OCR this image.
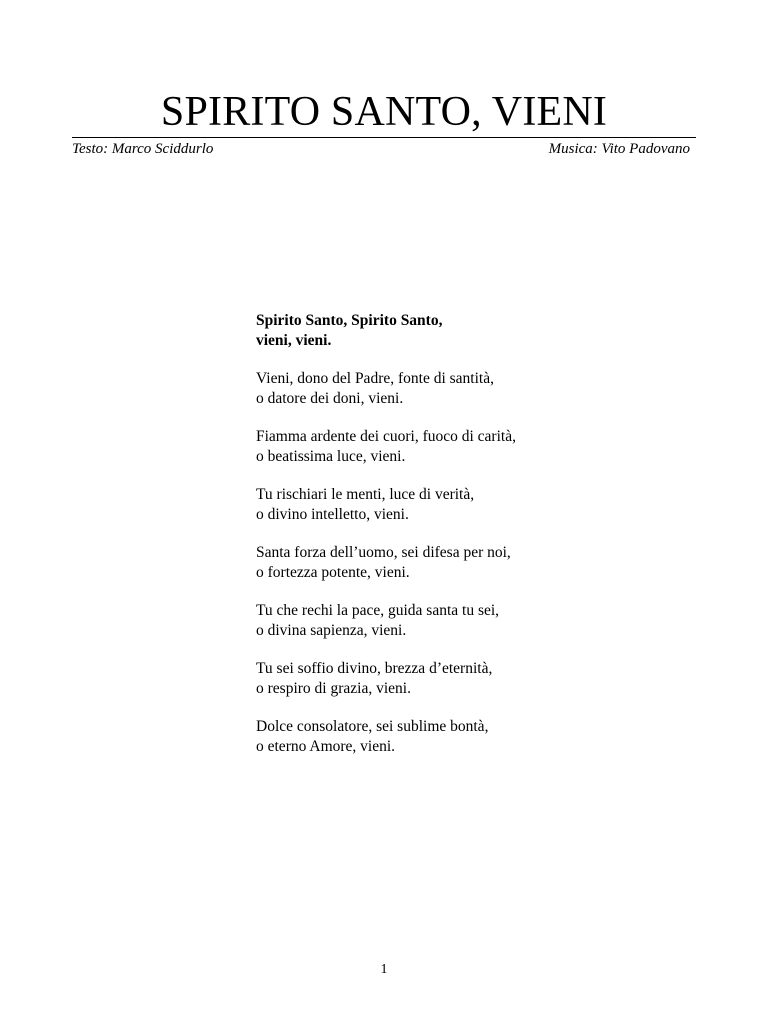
SPIRITO SANTO, VIENI
Testo: Marco Sciddurlo	Musica: Vito Padovano
Spirito Santo, Spirito Santo,
vieni, vieni.
Vieni, dono del Padre, fonte di santità,
o datore dei doni, vieni.
Fiamma ardente dei cuori, fuoco di carità,
o beatissima luce, vieni.
Tu rischiari le menti, luce di verità,
o divino intelletto, vieni.
Santa forza dell’uomo, sei difesa per noi,
o fortezza potente, vieni.
Tu che rechi la pace, guida santa tu sei,
o divina sapienza, vieni.
Tu sei soffio divino, brezza d’eternità,
o respiro di grazia, vieni.
Dolce consolatore, sei sublime bontà,
o eterno Amore, vieni.
1
